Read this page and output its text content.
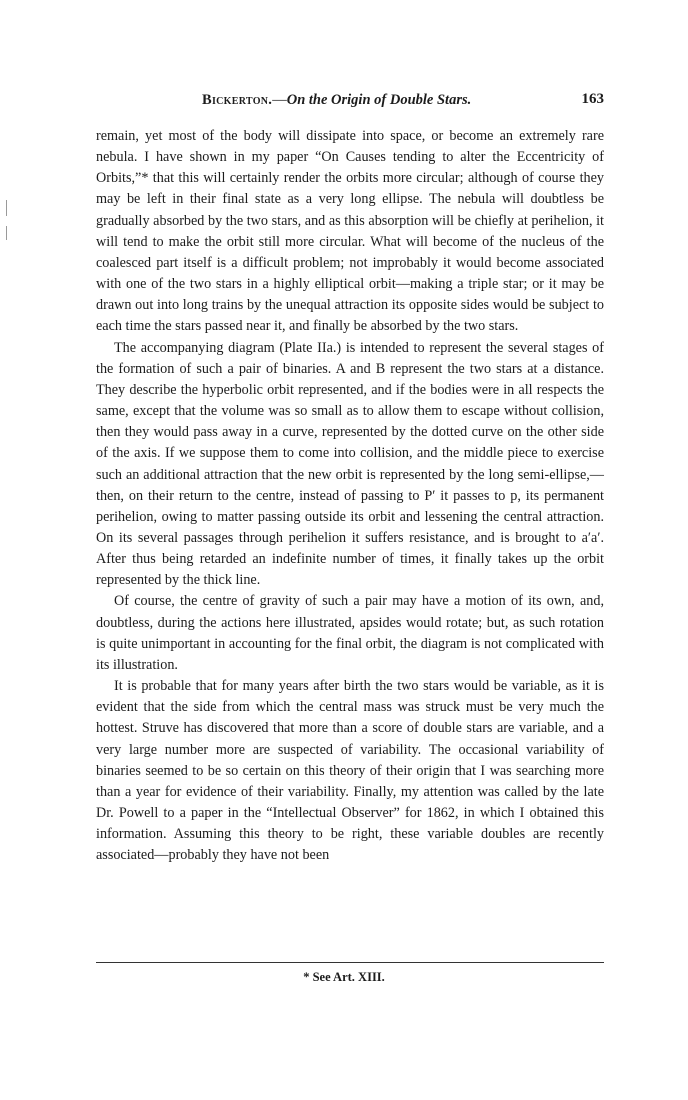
Bickerton.—On the Origin of Double Stars.	163

remain, yet most of the body will dissipate into space, or become an extremely rare nebula. I have shown in my paper “On Causes tending to alter the Eccentricity of Orbits,”* that this will certainly render the orbits more circular; although of course they may be left in their final state as a very long ellipse. The nebula will doubtless be gradually absorbed by the two stars, and as this absorption will be chiefly at perihelion, it will tend to make the orbit still more circular. What will become of the nucleus of the coalesced part itself is a difficult problem; not improbably it would become associated with one of the two stars in a highly elliptical orbit—making a triple star; or it may be drawn out into long trains by the unequal attraction its opposite sides would be subject to each time the stars passed near it, and finally be absorbed by the two stars.

The accompanying diagram (Plate IIa.) is intended to represent the several stages of the formation of such a pair of binaries. A and B represent the two stars at a distance. They describe the hyperbolic orbit represented, and if the bodies were in all respects the same, except that the volume was so small as to allow them to escape without collision, then they would pass away in a curve, represented by the dotted curve on the other side of the axis. If we suppose them to come into collision, and the middle piece to exercise such an additional attraction that the new orbit is represented by the long semi-ellipse,—then, on their return to the centre, instead of passing to P′ it passes to p, its permanent perihelion, owing to matter passing outside its orbit and lessening the central attraction. On its several passages through perihelion it suffers resistance, and is brought to a′a′. After thus being retarded an indefinite number of times, it finally takes up the orbit represented by the thick line.

Of course, the centre of gravity of such a pair may have a motion of its own, and, doubtless, during the actions here illustrated, apsides would rotate; but, as such rotation is quite unimportant in accounting for the final orbit, the diagram is not complicated with its illustration.

It is probable that for many years after birth the two stars would be variable, as it is evident that the side from which the central mass was struck must be very much the hottest. Struve has discovered that more than a score of double stars are variable, and a very large number more are suspected of variability. The occasional variability of binaries seemed to be so certain on this theory of their origin that I was searching more than a year for evidence of their variability. Finally, my attention was called by the late Dr. Powell to a paper in the “Intellectual Observer” for 1862, in which I obtained this information. Assuming this theory to be right, these variable doubles are recently associated—probably they have not been

* See Art. XIII.
